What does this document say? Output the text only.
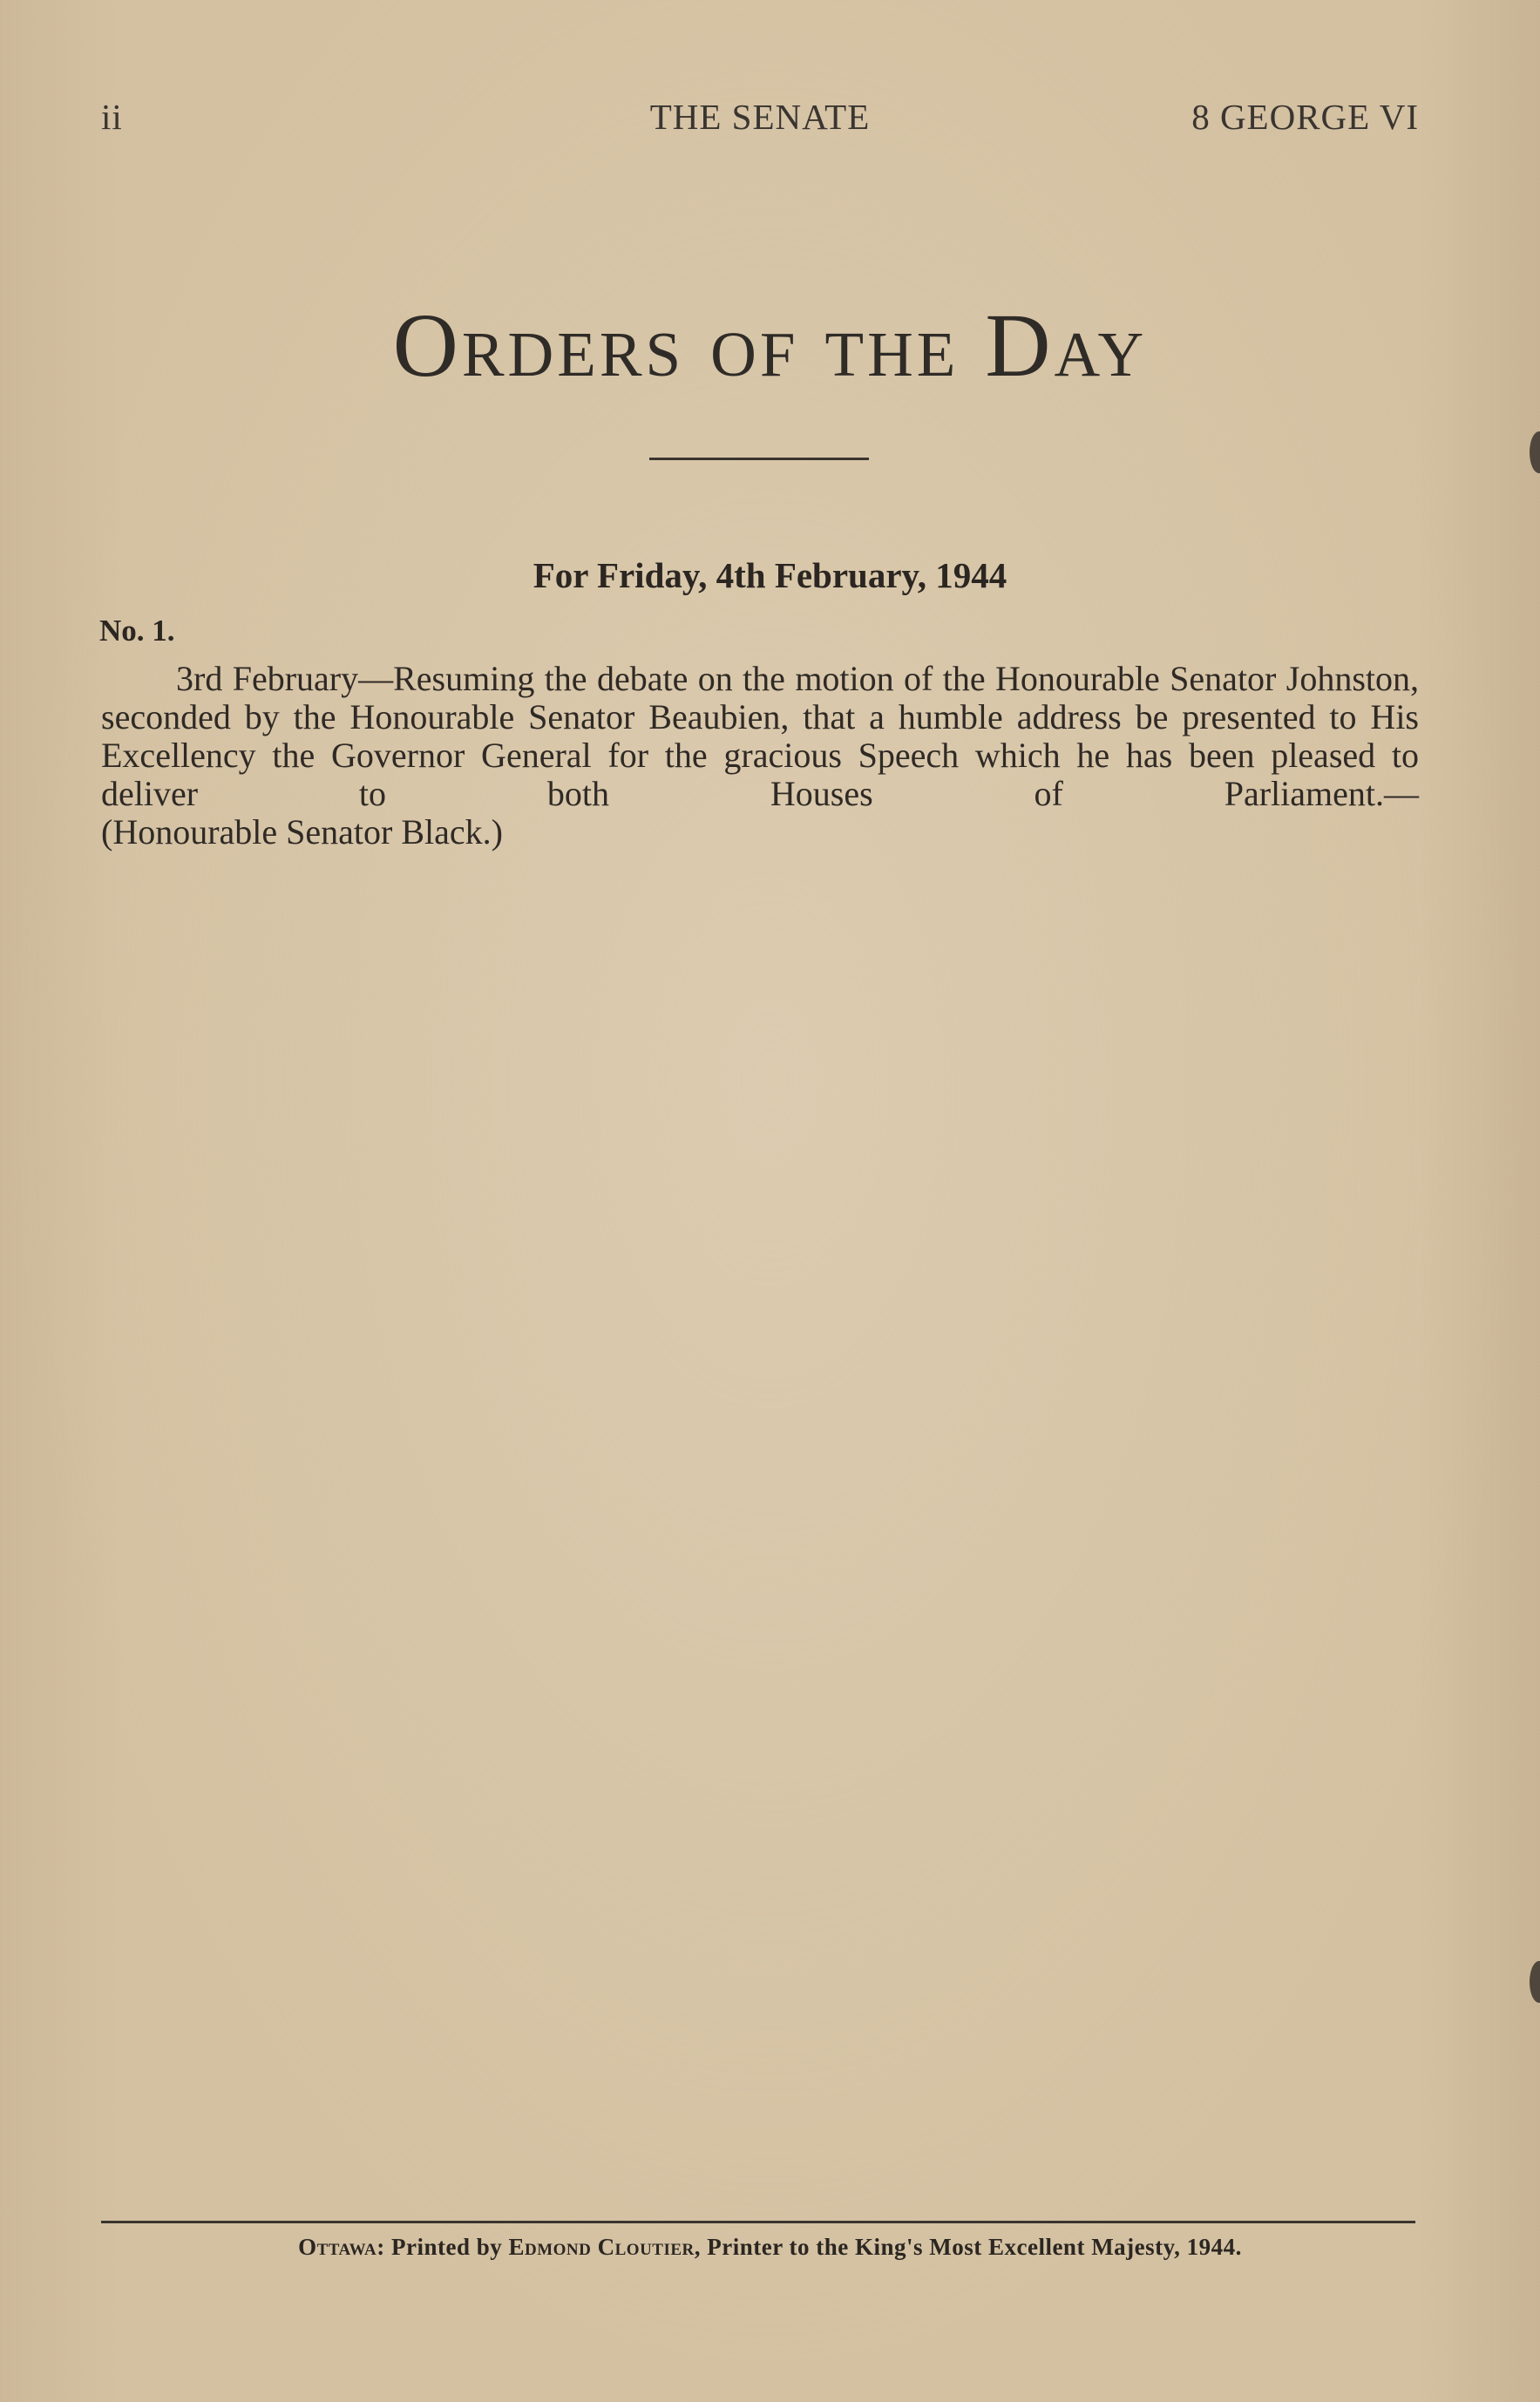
ii	THE SENATE	8 GEORGE VI
Orders of the Day
For Friday, 4th February, 1944
No. 1.
3rd February—Resuming the debate on the motion of the Honourable Senator Johnston, seconded by the Honourable Senator Beaubien, that a humble address be presented to His Excellency the Governor General for the gracious Speech which he has been pleased to deliver to both Houses of Parliament.—
(Honourable Senator Black.)
Ottawa: Printed by Edmond Cloutier, Printer to the King's Most Excellent Majesty, 1944.
